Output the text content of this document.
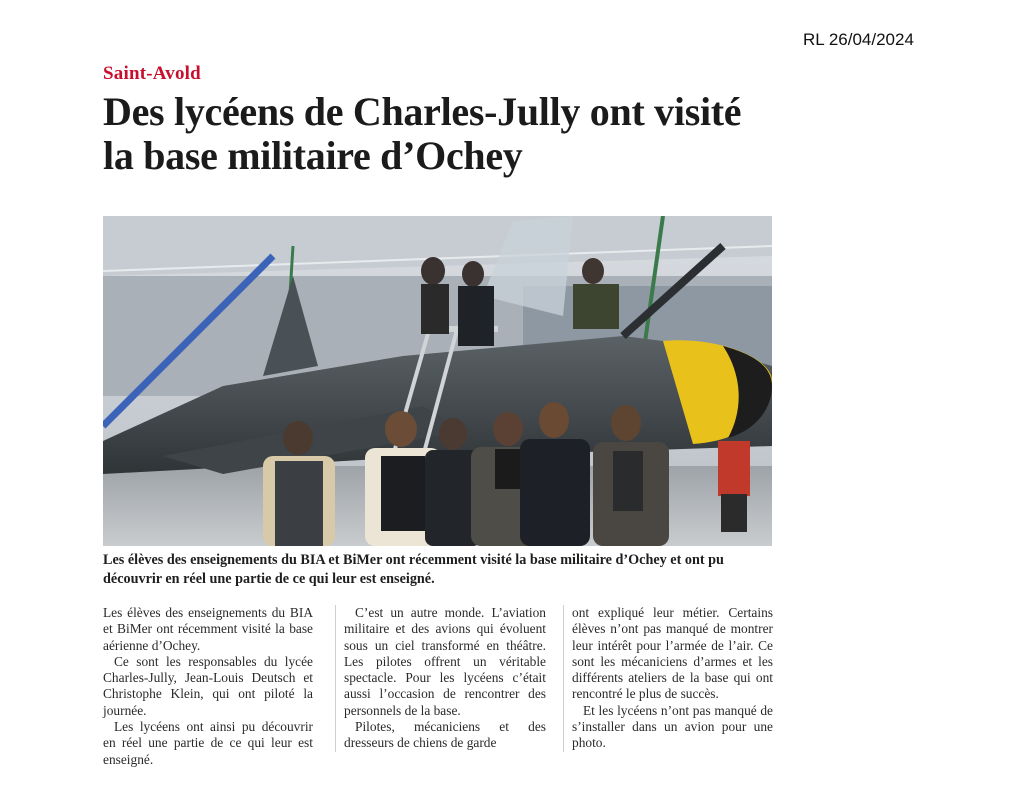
RL 26/04/2024
Saint-Avold
Des lycéens de Charles-Jully ont visité la base militaire d’Ochey

Les élèves des enseignements du BIA et BiMer ont récemment visité la base militaire d’Ochey et ont pu découvrir en réel une partie de ce qui leur est enseigné.

Les élèves des enseignements du BIA et BiMer ont récemment visité la base aérienne d’Ochey.

Ce sont les responsables du lycée Charles-Jully, Jean-Louis Deutsch et Christophe Klein, qui ont piloté la journée.

Les lycéens ont ainsi pu découvrir en réel une partie de ce qui leur est enseigné.

C’est un autre monde. L’aviation militaire et des avions qui évoluent sous un ciel transformé en théâtre. Les pilotes offrent un véritable spectacle. Pour les lycéens c’était aussi l’occasion de rencontrer des personnels de la base.

Pilotes, mécaniciens et des dresseurs de chiens de garde

ont expliqué leur métier. Certains élèves n’ont pas manqué de montrer leur intérêt pour l’armée de l’air. Ce sont les mécaniciens d’armes et les différents ateliers de la base qui ont rencontré le plus de succès.

Et les lycéens n’ont pas manqué de s’installer dans un avion pour une photo.
